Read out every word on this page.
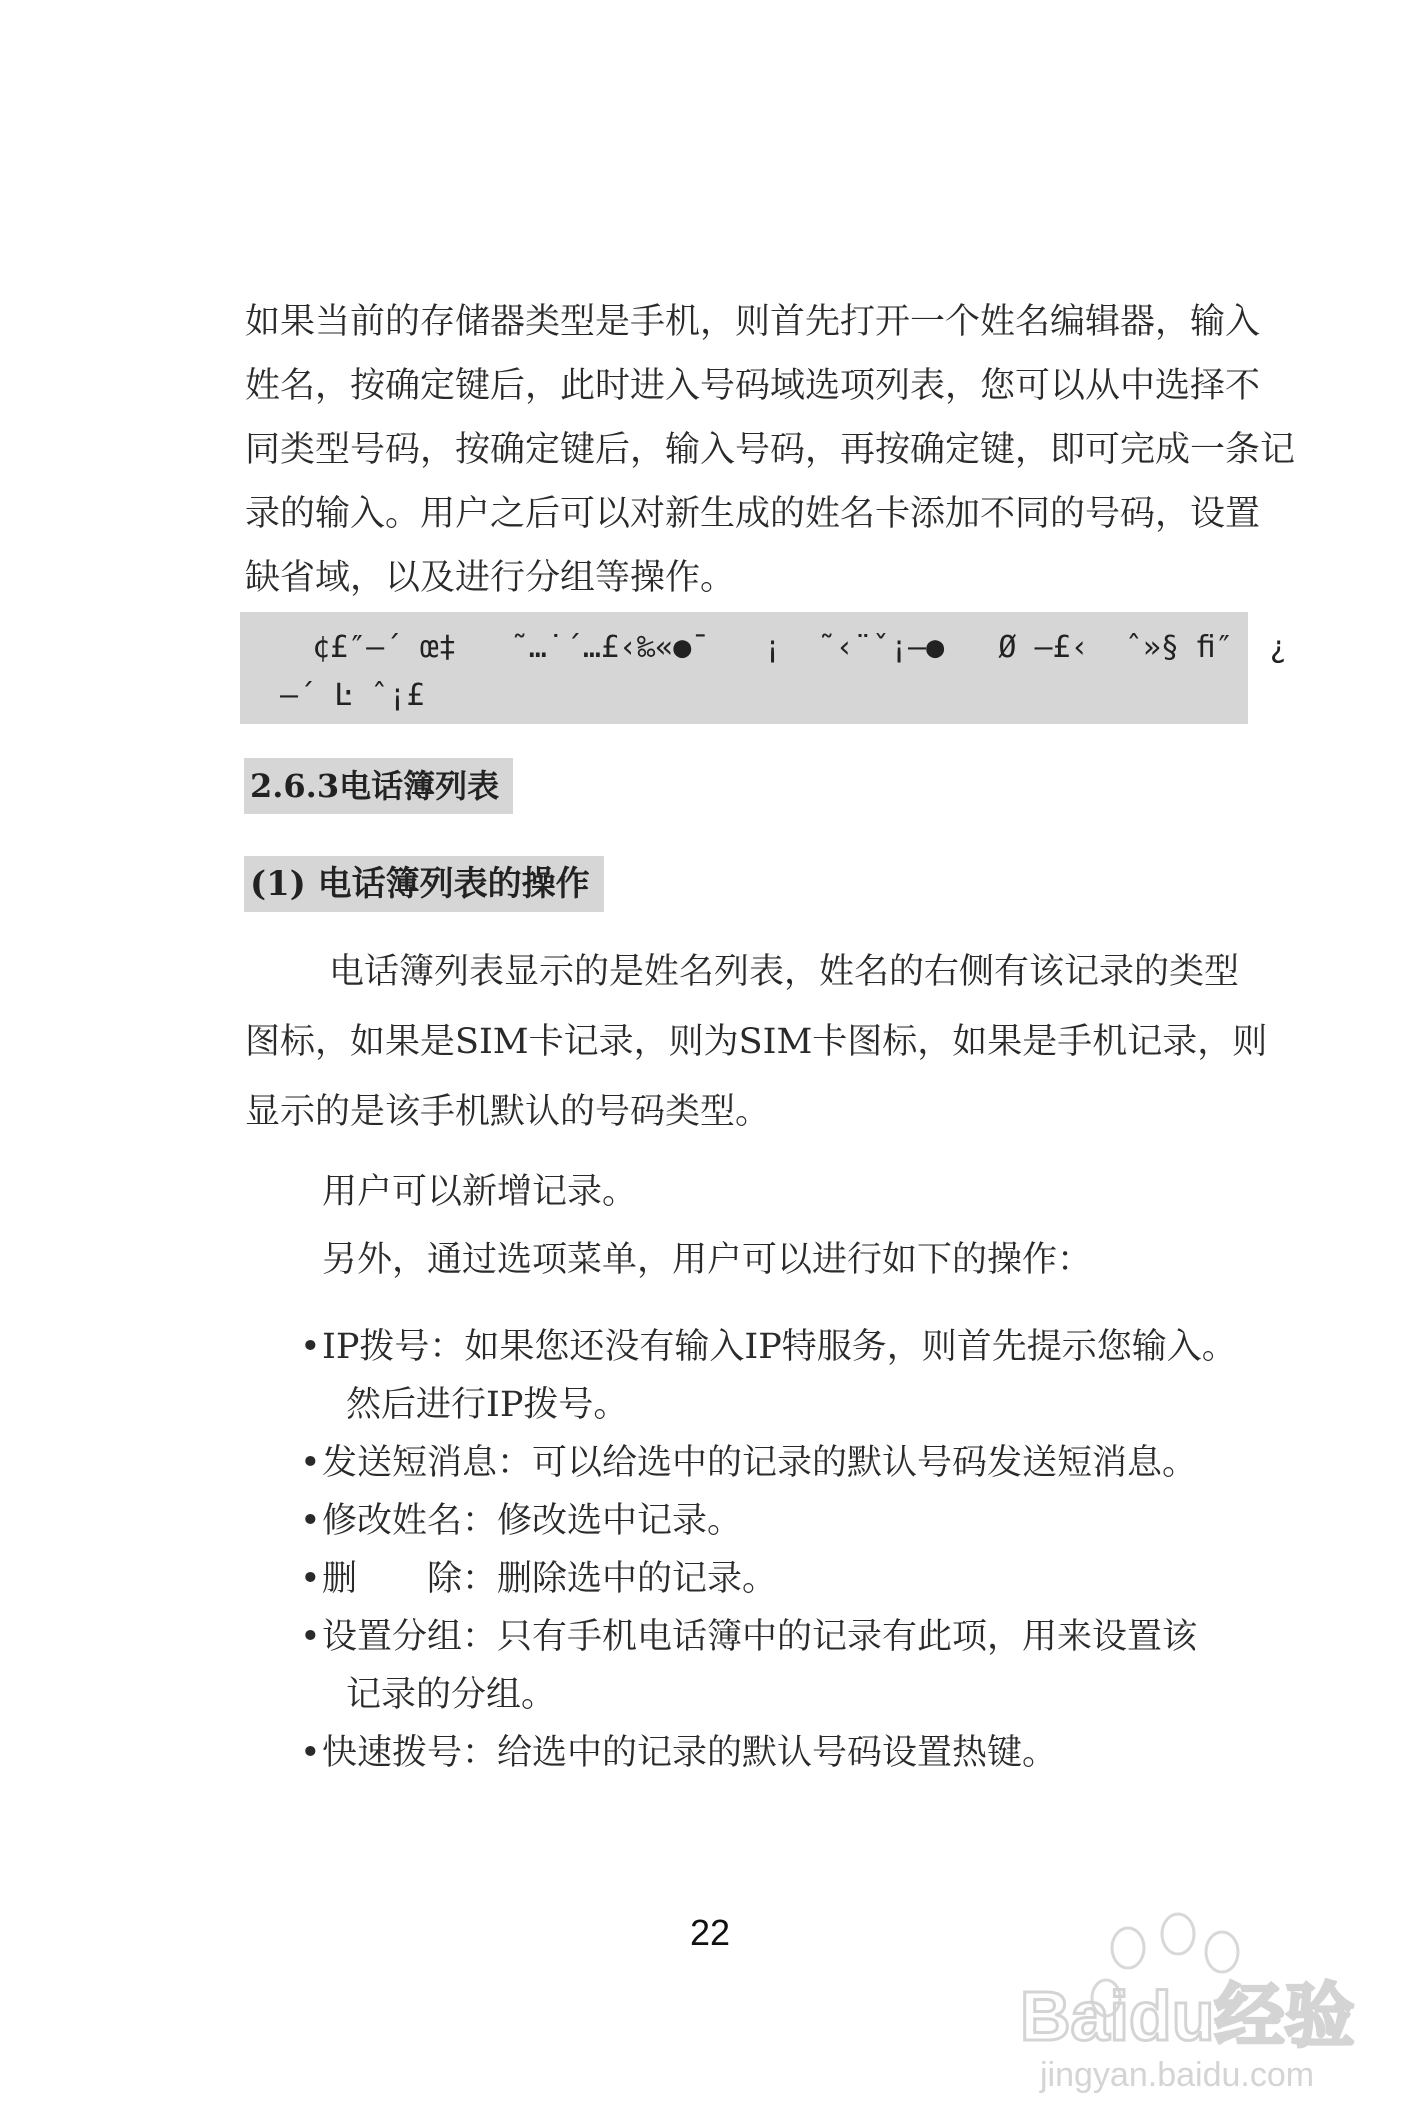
如果当前的存储器类型是手机，则首先打开一个姓名编辑器，输入
姓名，按确定键后，此时进入号码域选项列表，您可以从中选择不
同类型号码，按确定键后，输入号码，再按确定键，即可完成一条记
录的输入。用户之后可以对新生成的姓名卡添加不同的号码，设置
缺省域，以及进行分组等操作。
¢£″—´ œ‡   ˜…˙´…£‹‰«●¯   ¡  ˜‹¨ˇ¡–●   Ø —£‹  ˆ»§ ﬁ″  ¿
—´ Ŀ ˆ¡£
2.6.3电话簿列表
(1) 电话簿列表的操作
电话簿列表显示的是姓名列表，姓名的右侧有该记录的类型
图标，如果是SIM卡记录，则为SIM卡图标，如果是手机记录，则
显示的是该手机默认的号码类型。
用户可以新增记录。
另外，通过选项菜单，用户可以进行如下的操作：
• IP拨号：如果您还没有输入IP特服务，则首先提示您输入。
然后进行IP拨号。
• 发送短消息：可以给选中的记录的默认号码发送短消息。
• 修改姓名：修改选中记录。
• 删　　除：删除选中的记录。
• 设置分组：只有手机电话簿中的记录有此项，用来设置该
记录的分组。
• 快速拨号：给选中的记录的默认号码设置热键。
22
Baidu经验
jingyan.baidu.com
